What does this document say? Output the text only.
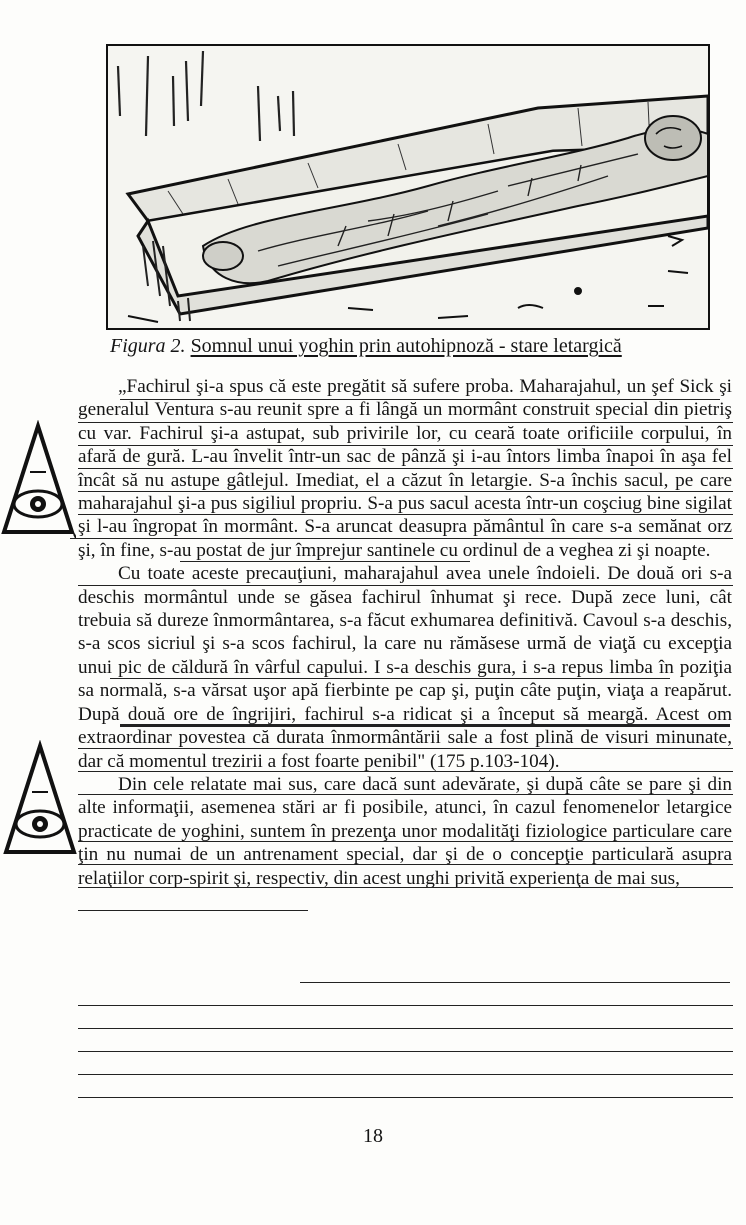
Figura 2. Somnul unui yoghin prin autohipnoză - stare letargică

„Fachirul şi-a spus că este pregătit să sufere proba. Maharajahul, un şef Sick şi generalul Ventura s-au reunit spre a fi lângă un mormânt construit special din pietriş cu var. Fachirul şi-a astupat, sub privirile lor, cu ceară toate orificiile corpului, în afară de gură. L-au învelit într-un sac de pânză şi i-au întors limba înapoi în aşa fel încât să nu astupe gâtlejul. Imediat, el a căzut în letargie. S-a închis sacul, pe care maharajahul şi-a pus sigiliul propriu. S-a pus sacul acesta într-un coşciug bine sigilat şi l-au îngropat în mormânt. S-a aruncat deasupra pământul în care s-a semănat orz şi, în fine, s-au postat de jur împrejur santinele cu ordinul de a veghea zi şi noapte.

Cu toate aceste precauţiuni, maharajahul avea unele îndoieli. De două ori s-a deschis mormântul unde se găsea fachirul înhumat şi rece. După zece luni, cât trebuia să dureze înmormântarea, s-a făcut exhumarea definitivă. Cavoul s-a deschis, s-a scos sicriul şi s-a scos fachirul, la care nu rămăsese urmă de viaţă cu excepţia unui pic de căldură în vârful capului. I s-a deschis gura, i s-a repus limba în poziţia sa normală, s-a vărsat uşor apă fierbinte pe cap şi, puţin câte puţin, viaţa a reapărut. După două ore de îngrijiri, fachirul s-a ridicat şi a început să meargă. Acest om extraordinar povestea că durata înmormântării sale a fost plină de visuri minunate, dar că momentul trezirii a fost foarte penibil" (175 p.103-104).

Din cele relatate mai sus, care dacă sunt adevărate, şi după câte se pare şi din alte informaţii, asemenea stări ar fi posibile, atunci, în cazul fenomenelor letargice practicate de yoghini, suntem în prezenţa unor modalităţi fiziologice particulare care ţin nu numai de un antrenament special, dar şi de o concepţie particulară asupra relaţiilor corp-spirit şi, respectiv, din acest unghi privită experienţa de mai sus,

18
